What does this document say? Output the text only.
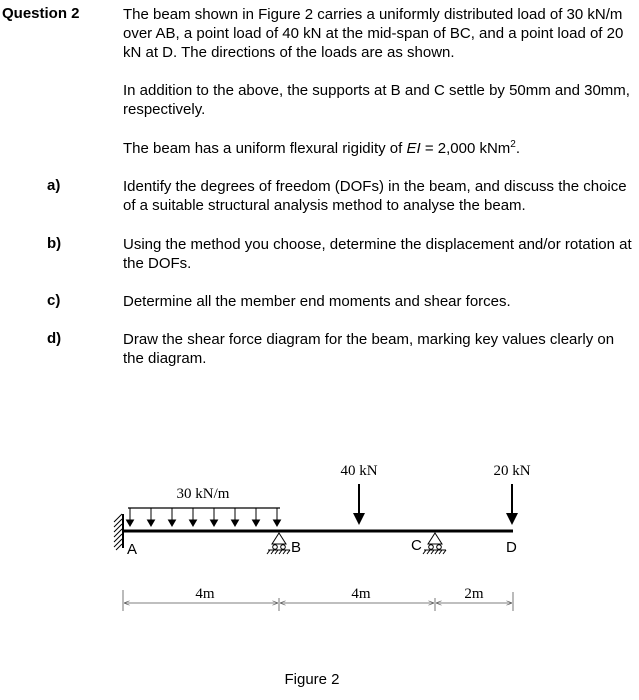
Question 2	The beam shown in Figure 2 carries a uniformly distributed load of 30 kN/m over AB, a point load of 40 kN at the mid-span of BC, and a point load of 20 kN at D. The directions of the loads are as shown.

In addition to the above, the supports at B and C settle by 50mm and 30mm, respectively.

The beam has a uniform flexural rigidity of EI = 2,000 kNm$^2$.

a)	Identify the degrees of freedom (DOFs) in the beam, and discuss the choice of a suitable structural analysis method to analyse the beam.

b)	Using the method you choose, determine the displacement and/or rotation at the DOFs.

c)	Determine all the member end moments and shear forces.

d)	Draw the shear force diagram for the beam, marking key values clearly on the diagram.

30 kN/m
40 kN	20 kN
A	B	C	D
4m	4m	2m
Figure 2
